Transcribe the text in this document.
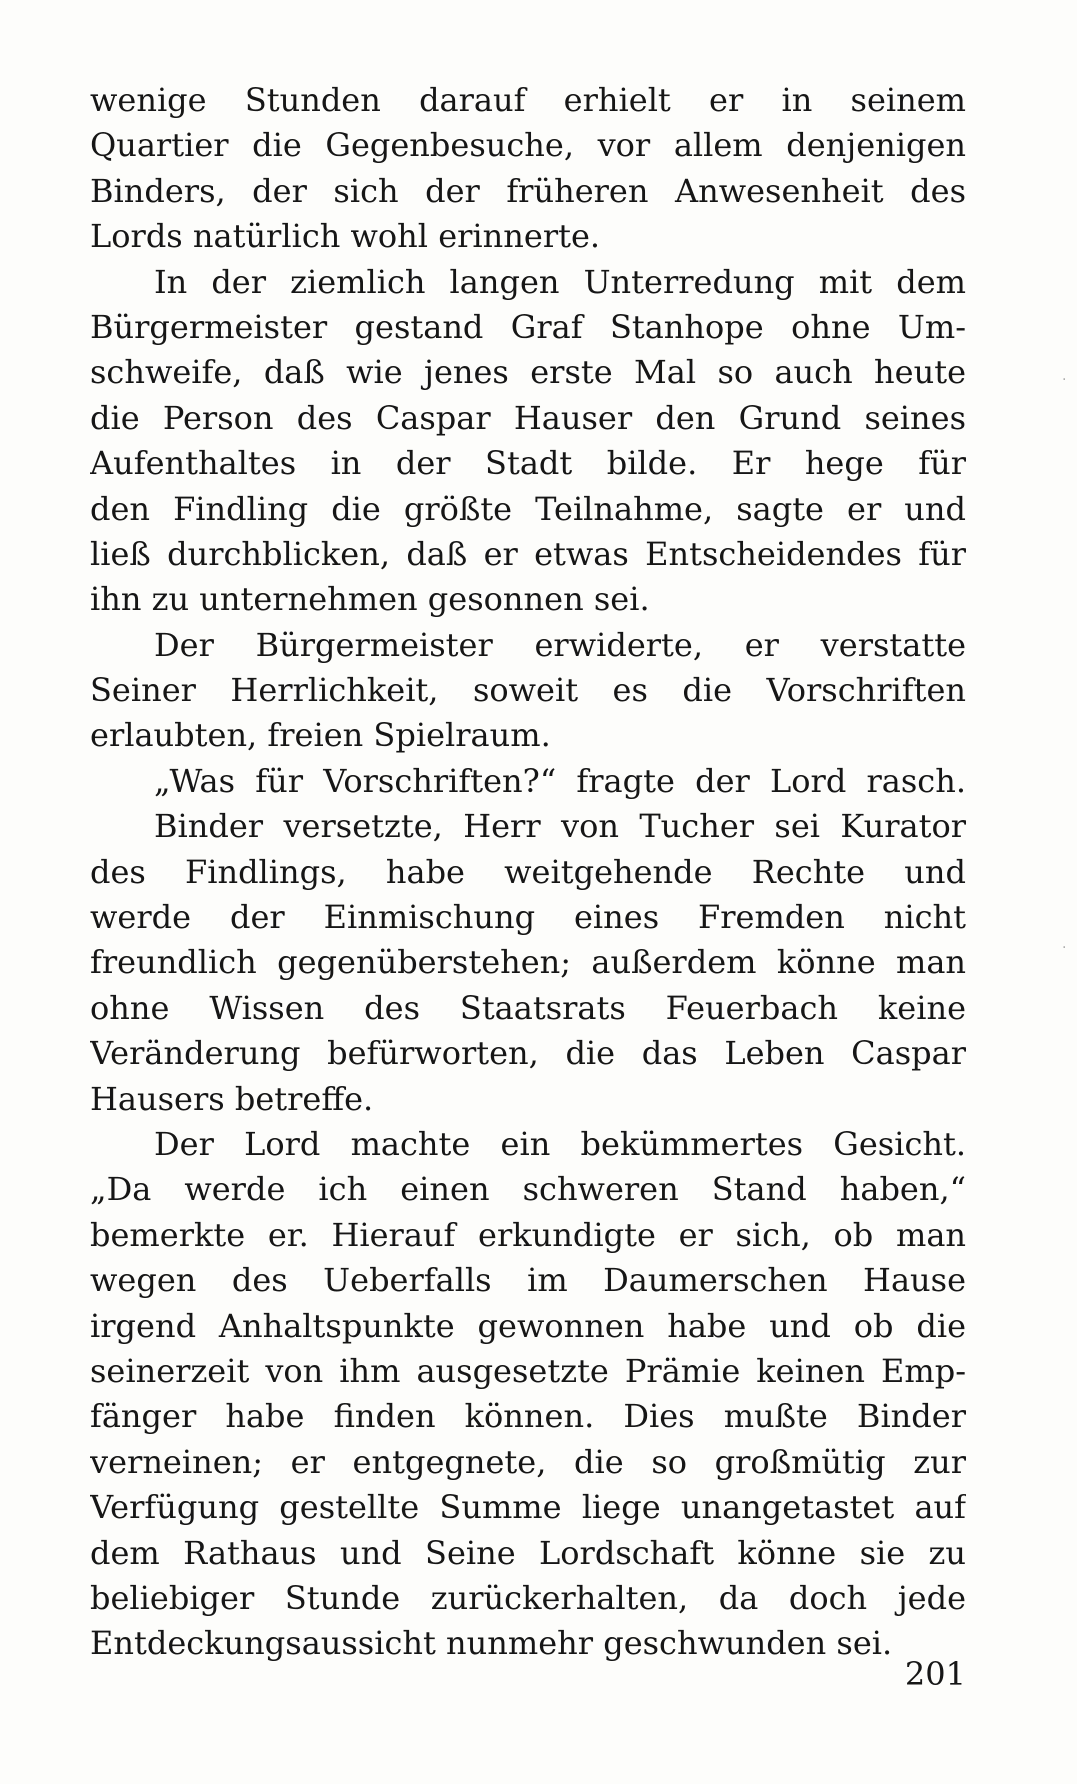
wenige Stunden darauf erhielt er in seinem
Quartier die Gegenbesuche, vor allem denjenigen
Binders, der sich der früheren Anwesenheit des
Lords natürlich wohl erinnerte.
In der ziemlich langen Unterredung mit dem
Bürgermeister gestand Graf Stanhope ohne Um-
schweife, daß wie jenes erste Mal so auch heute
die Person des Caspar Hauser den Grund seines
Aufenthaltes in der Stadt bilde. Er hege für
den Findling die größte Teilnahme, sagte er und
ließ durchblicken, daß er etwas Entscheidendes für
ihn zu unternehmen gesonnen sei.
Der Bürgermeister erwiderte, er verstatte
Seiner Herrlichkeit, soweit es die Vorschriften
erlaubten, freien Spielraum.
„Was für Vorschriften?“ fragte der Lord rasch.
Binder versetzte, Herr von Tucher sei Kurator
des Findlings, habe weitgehende Rechte und
werde der Einmischung eines Fremden nicht
freundlich gegenüberstehen; außerdem könne man
ohne Wissen des Staatsrats Feuerbach keine
Veränderung befürworten, die das Leben Caspar
Hausers betreffe.
Der Lord machte ein bekümmertes Gesicht.
„Da werde ich einen schweren Stand haben,“
bemerkte er. Hierauf erkundigte er sich, ob man
wegen des Ueberfalls im Daumerschen Hause
irgend Anhaltspunkte gewonnen habe und ob die
seinerzeit von ihm ausgesetzte Prämie keinen Emp-
fänger habe finden können. Dies mußte Binder
verneinen; er entgegnete, die so großmütig zur
Verfügung gestellte Summe liege unangetastet auf
dem Rathaus und Seine Lordschaft könne sie zu
beliebiger Stunde zurückerhalten, da doch jede
Entdeckungsaussicht nunmehr geschwunden sei.
201
·
·
